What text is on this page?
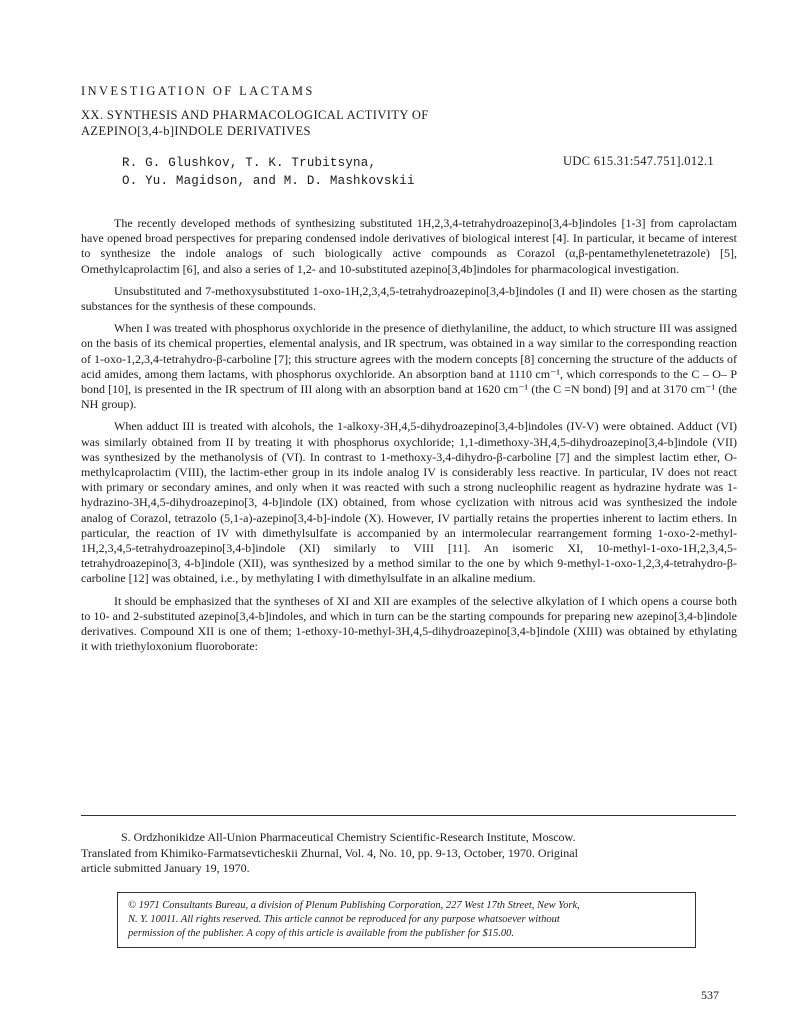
INVESTIGATION OF LACTAMS
XX. SYNTHESIS AND PHARMACOLOGICAL ACTIVITY OF
AZEPINO[3,4-b]INDOLE DERIVATIVES
R. G. Glushkov, T. K. Trubitsyna,
O. Yu. Magidson, and M. D. Mashkovskii
UDC 615.31:547.751].012.1

The recently developed methods of synthesizing substituted 1H,2,3,4-tetrahydroazepino[3,4-b]indoles [1-3] from caprolactam have opened broad perspectives for preparing condensed indole derivatives of biological interest [4]. In particular, it became of interest to synthesize the indole analogs of such biologically active compounds as Corazol (α,β-pentamethylenetetrazole) [5], Omethylcaprolactim [6], and also a series of 1,2- and 10-substituted azepino[3,4b]indoles for pharmacological investigation.

Unsubstituted and 7-methoxysubstituted 1-oxo-1H,2,3,4,5-tetrahydroazepino[3,4-b]indoles (I and II) were chosen as the starting substances for the synthesis of these compounds.

When I was treated with phosphorus oxychloride in the presence of diethylaniline, the adduct, to which structure III was assigned on the basis of its chemical properties, elemental analysis, and IR spectrum, was obtained in a way similar to the corresponding reaction of 1-oxo-1,2,3,4-tetrahydro-β-carboline [7]; this structure agrees with the modern concepts [8] concerning the structure of the adducts of acid amides, among them lactams, with phosphorus oxychloride. An absorption band at 1110 cm⁻¹, which corresponds to the C – O– P bond [10], is presented in the IR spectrum of III along with an absorption band at 1620 cm⁻¹ (the C =N bond) [9] and at 3170 cm⁻¹ (the NH group).

When adduct III is treated with alcohols, the 1-alkoxy-3H,4,5-dihydroazepino[3,4-b]indoles (IV-V) were obtained. Adduct (VI) was similarly obtained from II by treating it with phosphorus oxychloride; 1,1-dimethoxy-3H,4,5-dihydroazepino[3,4-b]indole (VII) was synthesized by the methanolysis of (VI). In contrast to 1-methoxy-3,4-dihydro-β-carboline [7] and the simplest lactim ether, O-methylcaprolactim (VIII), the lactim-ether group in its indole analog IV is considerably less reactive. In particular, IV does not react with primary or secondary amines, and only when it was reacted with such a strong nucleophilic reagent as hydrazine hydrate was 1-hydrazino-3H,4,5-dihydroazepino[3, 4-b]indole (IX) obtained, from whose cyclization with nitrous acid was synthesized the indole analog of Corazol, tetrazolo (5,1-a)-azepino[3,4-b]-indole (X). However, IV partially retains the properties inherent to lactim ethers. In particular, the reaction of IV with dimethylsulfate is accompanied by an intermolecular rearrangement forming 1-oxo-2-methyl-1H,2,3,4,5-tetrahydroazepino[3,4-b]indole (XI) similarly to VIII [11]. An isomeric XI, 10-methyl-1-oxo-1H,2,3,4,5-tetrahydroazepino[3, 4-b]indole (XII), was synthesized by a method similar to the one by which 9-methyl-1-oxo-1,2,3,4-tetrahydro-β-carboline [12] was obtained, i.e., by methylating I with dimethylsulfate in an alkaline medium.

It should be emphasized that the syntheses of XI and XII are examples of the selective alkylation of I which opens a course both to 10- and 2-substituted azepino[3,4-b]indoles, and which in turn can be the starting compounds for preparing new azepino[3,4-b]indole derivatives. Compound XII is one of them; 1-ethoxy-10-methyl-3H,4,5-dihydroazepino[3,4-b]indole (XIII) was obtained by ethylating it with triethyloxonium fluoroborate:

S. Ordzhonikidze All-Union Pharmaceutical Chemistry Scientific-Research Institute, Moscow.
Translated from Khimiko-Farmatsevticheskii Zhurnal, Vol. 4, No. 10, pp. 9-13, October, 1970. Original
article submitted January 19, 1970.
© 1971 Consultants Bureau, a division of Plenum Publishing Corporation, 227 West 17th Street, New York,
N. Y. 10011. All rights reserved. This article cannot be reproduced for any purpose whatsoever without
permission of the publisher. A copy of this article is available from the publisher for $15.00.
537
